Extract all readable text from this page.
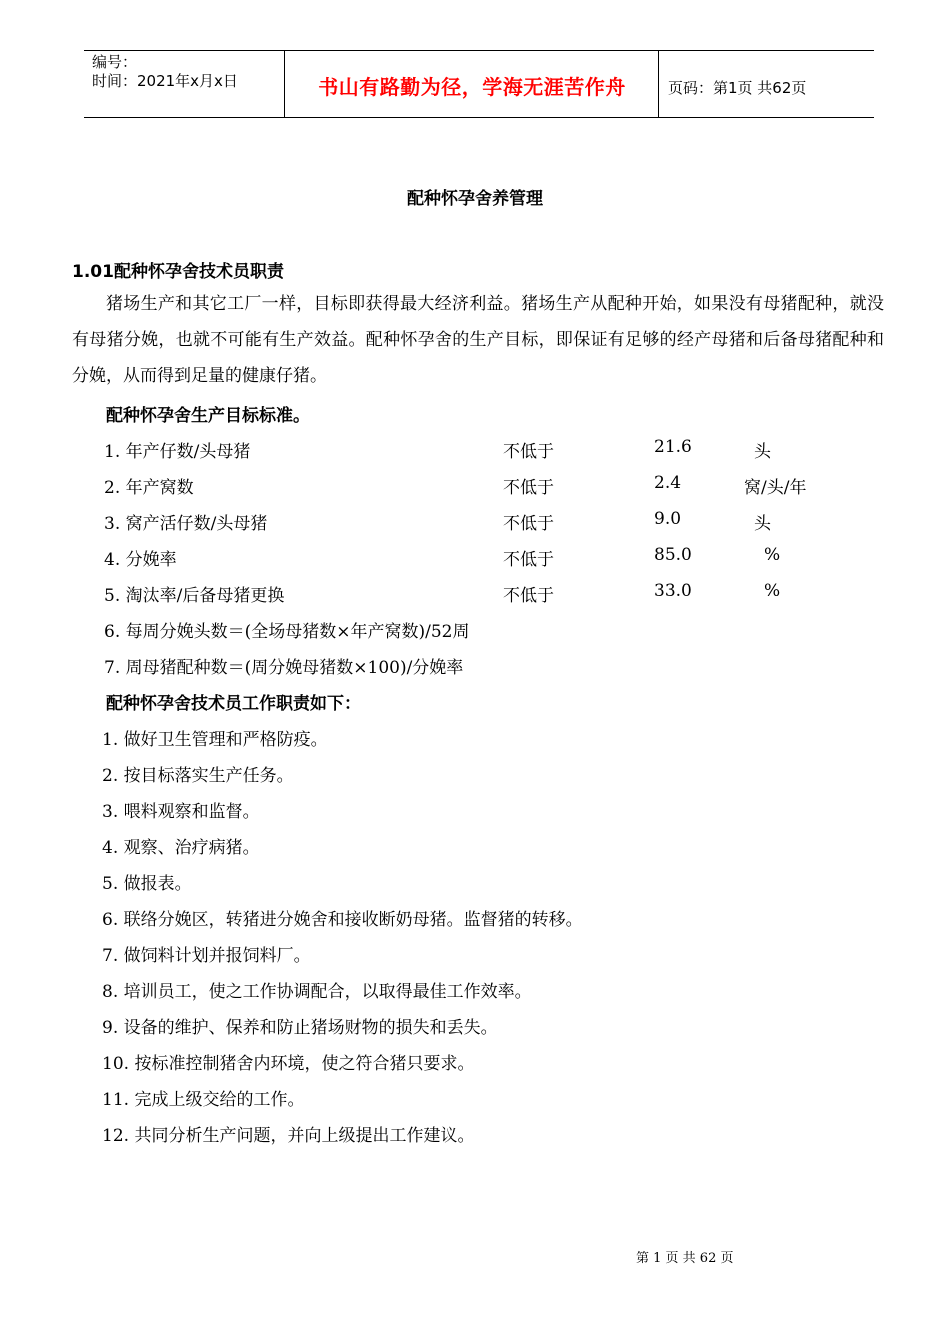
编号：
时间：2021年x月x日	书山有路勤为径，学海无涯苦作舟	页码：第1页 共62页
配种怀孕舍养管理
1.01配种怀孕舍技术员职责
猪场生产和其它工厂一样，目标即获得最大经济利益。猪场生产从配种开始，如果没有母猪配种，就没有母猪分娩，也就不可能有生产效益。配种怀孕舍的生产目标，即保证有足够的经产母猪和后备母猪配种和分娩，从而得到足量的健康仔猪。
配种怀孕舍生产目标标准。
1. 年产仔数/头母猪	不低于	21.6	头
2. 年产窝数	不低于	2.4	窝/头/年
3. 窝产活仔数/头母猪	不低于	9.0	头
4. 分娩率	不低于	85.0	%
5. 淘汰率/后备母猪更换	不低于	33.0	%
6. 每周分娩头数＝(全场母猪数×年产窝数)/52周
7. 周母猪配种数＝(周分娩母猪数×100)/分娩率
配种怀孕舍技术员工作职责如下：
1. 做好卫生管理和严格防疫。
2. 按目标落实生产任务。
3. 喂料观察和监督。
4. 观察、治疗病猪。
5. 做报表。
6. 联络分娩区，转猪进分娩舍和接收断奶母猪。监督猪的转移。
7. 做饲料计划并报饲料厂。
8. 培训员工，使之工作协调配合，以取得最佳工作效率。
9. 设备的维护、保养和防止猪场财物的损失和丢失。
10. 按标准控制猪舍内环境，使之符合猪只要求。
11. 完成上级交给的工作。
12. 共同分析生产问题，并向上级提出工作建议。
第 1 页 共 62 页
